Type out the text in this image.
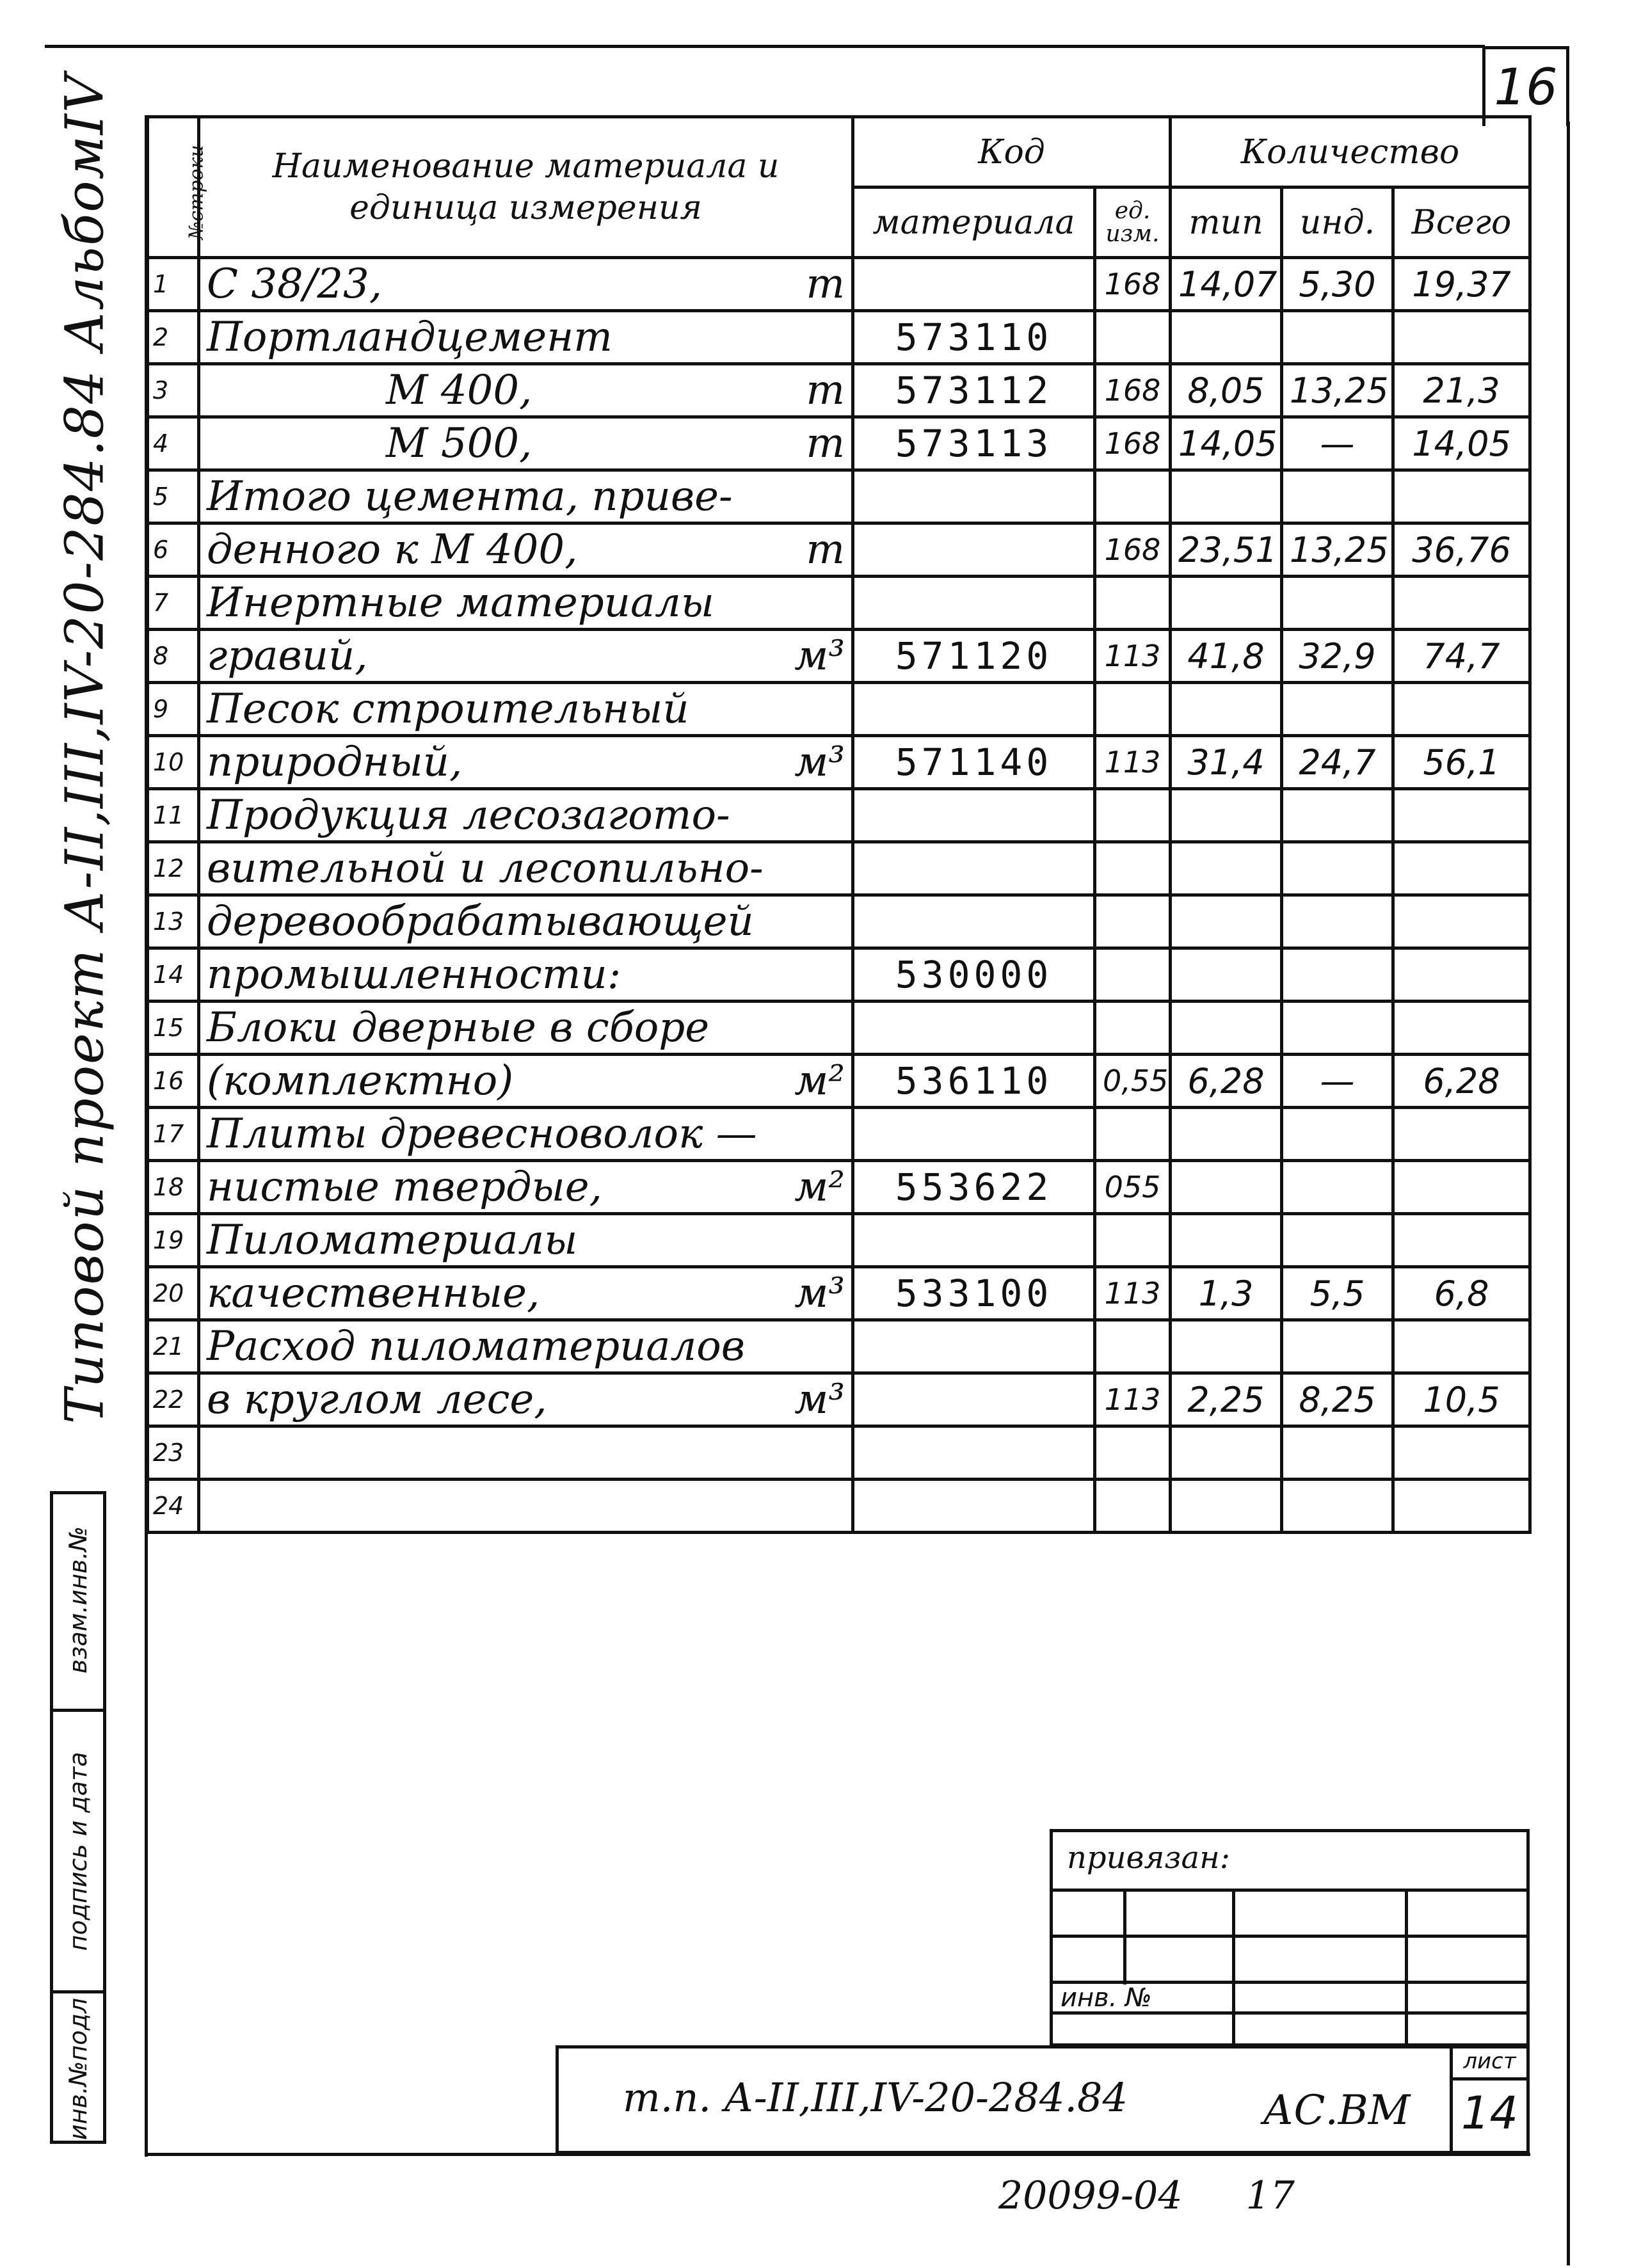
16
Типовой проект А-II,III,IV-20-284.84 АльбомIV
взам.инв.№
подпись и дата
инв.№подл
№строки	Наименование материала и единица измерения	Код		Количество		
		материала	ед. изм.	тип	инд.	Всего
1	С 38/23, т		168	14,07	5,30	19,37
2	Портландцемент	573110				
3	М 400, т	573112	168	8,05	13,25	21,3
4	М 500, т	573113	168	14,05	—	14,05
5	Итого цемента, приве-					

6	денного к М 400, т		168	23,51	13,25	36,76
7	Инертные материалы					

8	гравий, м³	571120	113	41,8	32,9	74,7
9	Песок строительный					

10	природный, м³	571140	113	31,4	24,7	56,1
11	Продукция лесозаготo-					

12	вительной и лесопильно-					

13	деревообрабатывающей					

14	промышленности:	530000				
15	Блоки дверные в сборе					

16	(комплектно) м²	536110	0,55	6,28	—	6,28
17	Плиты древесноволок —					

18	нистые твердые, м²	553622	055			
19	Пиломатериалы					

20	качественные, м³	533100	113	1,3	5,5	6,8
21	Расход пиломатериалов					

22	в круглом лесе, м³		113	2,25	8,25	10,5
23	

24	

привязан:
инв. №
т.п. А-II,III,IV-20-284.84	АС.ВМ
лист
14
20099-04 17
